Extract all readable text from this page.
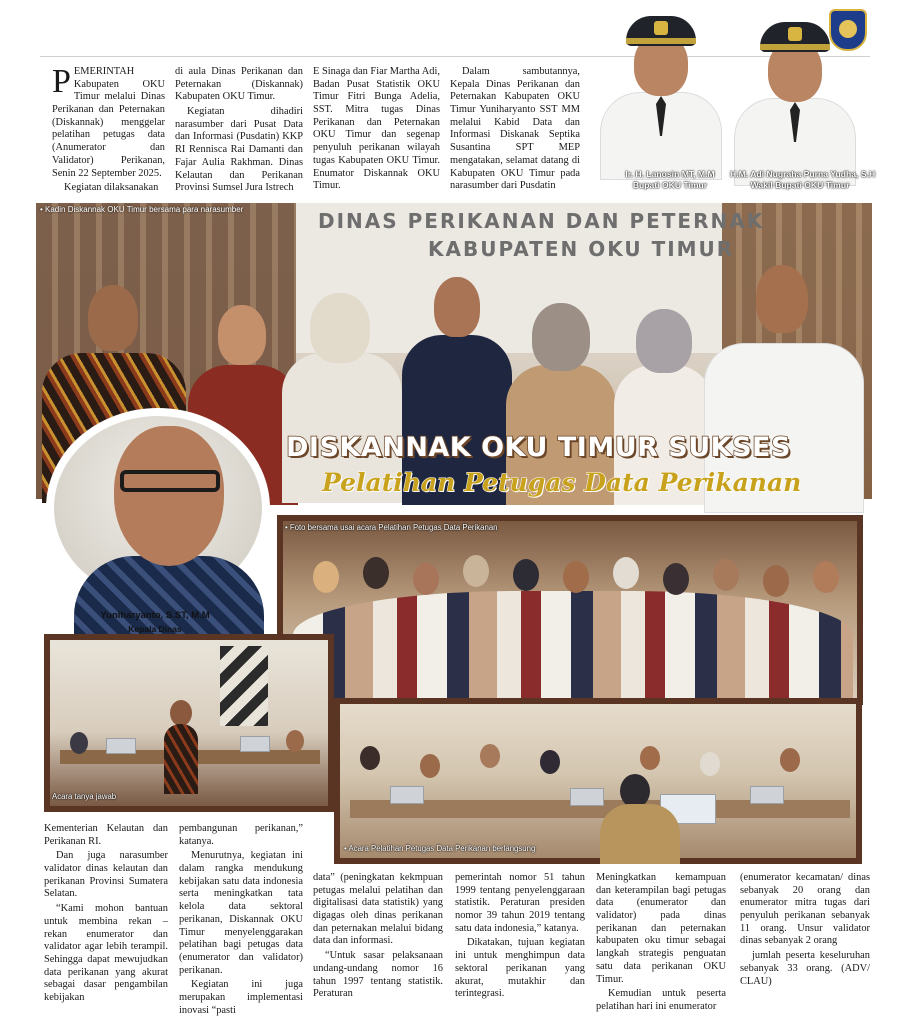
PEMERINTAH Kabupaten OKU Timur melalui Dinas Perikanan dan Peternakan (Diskannak) menggelar pelatihan petugas data (Anumerator dan Validator) Perikanan, Senin 22 September 2025.

Kegiatan dilaksanakan

di aula Dinas Perikanan dan Peternakan (Diskannak) Kabupaten OKU Timur.

Kegiatan dihadiri narasumber dari Pusat Data dan Informasi (Pusdatin) KKP RI Rennisca Rai Damanti dan Fajar Aulia Rakhman. Dinas Kelautan dan Perikanan Provinsi Sumsel Jura Istrech

E Sinaga dan Fiar Martha Adi, Badan Pusat Statistik OKU Timur Fitri Bunga Adelia, SST. Mitra tugas Dinas Perikanan dan Peternakan OKU Timur dan segenap penyuluh perikanan wilayah tugas Kabupaten OKU Timur. Enumator Diskannak OKU Timur.

Dalam sambutannya, Kepala Dinas Perikanan dan Peternakan Kabupaten OKU Timur Yuniharyanto SST MM melalui Kabid Data dan Informasi Diskanak Septika Susantina SPT MEP mengatakan, selamat datang di Kabupaten OKU Timur pada narasumber dari Pusdatin

Ir. H. Lanosin MT, M.M
Bupati OKU Timur
H.M. Adi Nugraha Purna Yudha, S.H
Wakil Bupati OKU Timur
DINAS PERIKANAN DAN PETERNAK
KABUPATEN OKU TIMUR
• Kadin Diskannak OKU Timur bersama para narasumber
DISKANNAK OKU TIMUR SUKSES
Pelatihan Petugas Data Perikanan
Yuniharyanto, S.ST, M.M
Kepala Dinas
• Foto bersama usai acara Pelatihan Petugas Data Perikanan
Acara tanya jawab
• Acara Pelatihan Petugas Data Perikanan berlangsung

Kementerian Kelautan dan Perikanan RI.

Dan juga narasumber validator dinas kelautan dan perikanan Provinsi Sumatera Selatan.

“Kami mohon bantuan untuk membina rekan – rekan enumerator dan validator agar lebih terampil. Sehingga dapat mewujudkan data perikanan yang akurat sebagai dasar pengambilan kebijakan

pembangunan perikanan,” katanya.

Menurutnya, kegiatan ini dalam rangka mendukung kebijakan satu data indonesia serta meningkatkan tata kelola data sektoral perikanan, Diskannak OKU Timur menyelenggarakan pelatihan bagi petugas data (enumerator dan validator) perikanan.

Kegiatan ini juga merupakan implementasi inovasi “pasti

data” (peningkatan kekmpuan petugas melalui pelatihan dan digitalisasi data statistik) yang digagas oleh dinas perikanan dan peternakan melalui bidang data dan informasi.

“Untuk sasar pelaksanaan undang-undang nomor 16 tahun 1997 tentang statistik. Peraturan

pemerintah nomor 51 tahun 1999 tentang penyelenggaraan statistik. Peraturan presiden nomor 39 tahun 2019 tentang satu data indonesia,” katanya.

Dikatakan, tujuan kegiatan ini untuk menghimpun data sektoral perikanan yang akurat, mutakhir dan terintegrasi.

Meningkatkan kemampuan dan keterampilan bagi petugas data (enumerator dan validator) pada dinas perikanan dan peternakan kabupaten oku timur sebagai langkah strategis penguatan satu data perikanan OKU Timur.

Kemudian untuk peserta pelatihan hari ini enumerator

(enumerator kecamatan/ dinas sebanyak 20 orang dan enumerator mitra tugas dari penyuluh perikanan sebanyak 11 orang. Unsur validator dinas sebanyak 2 orang

jumlah peserta keseluruhan sebanyak 33 orang. (ADV/ CLAU)
